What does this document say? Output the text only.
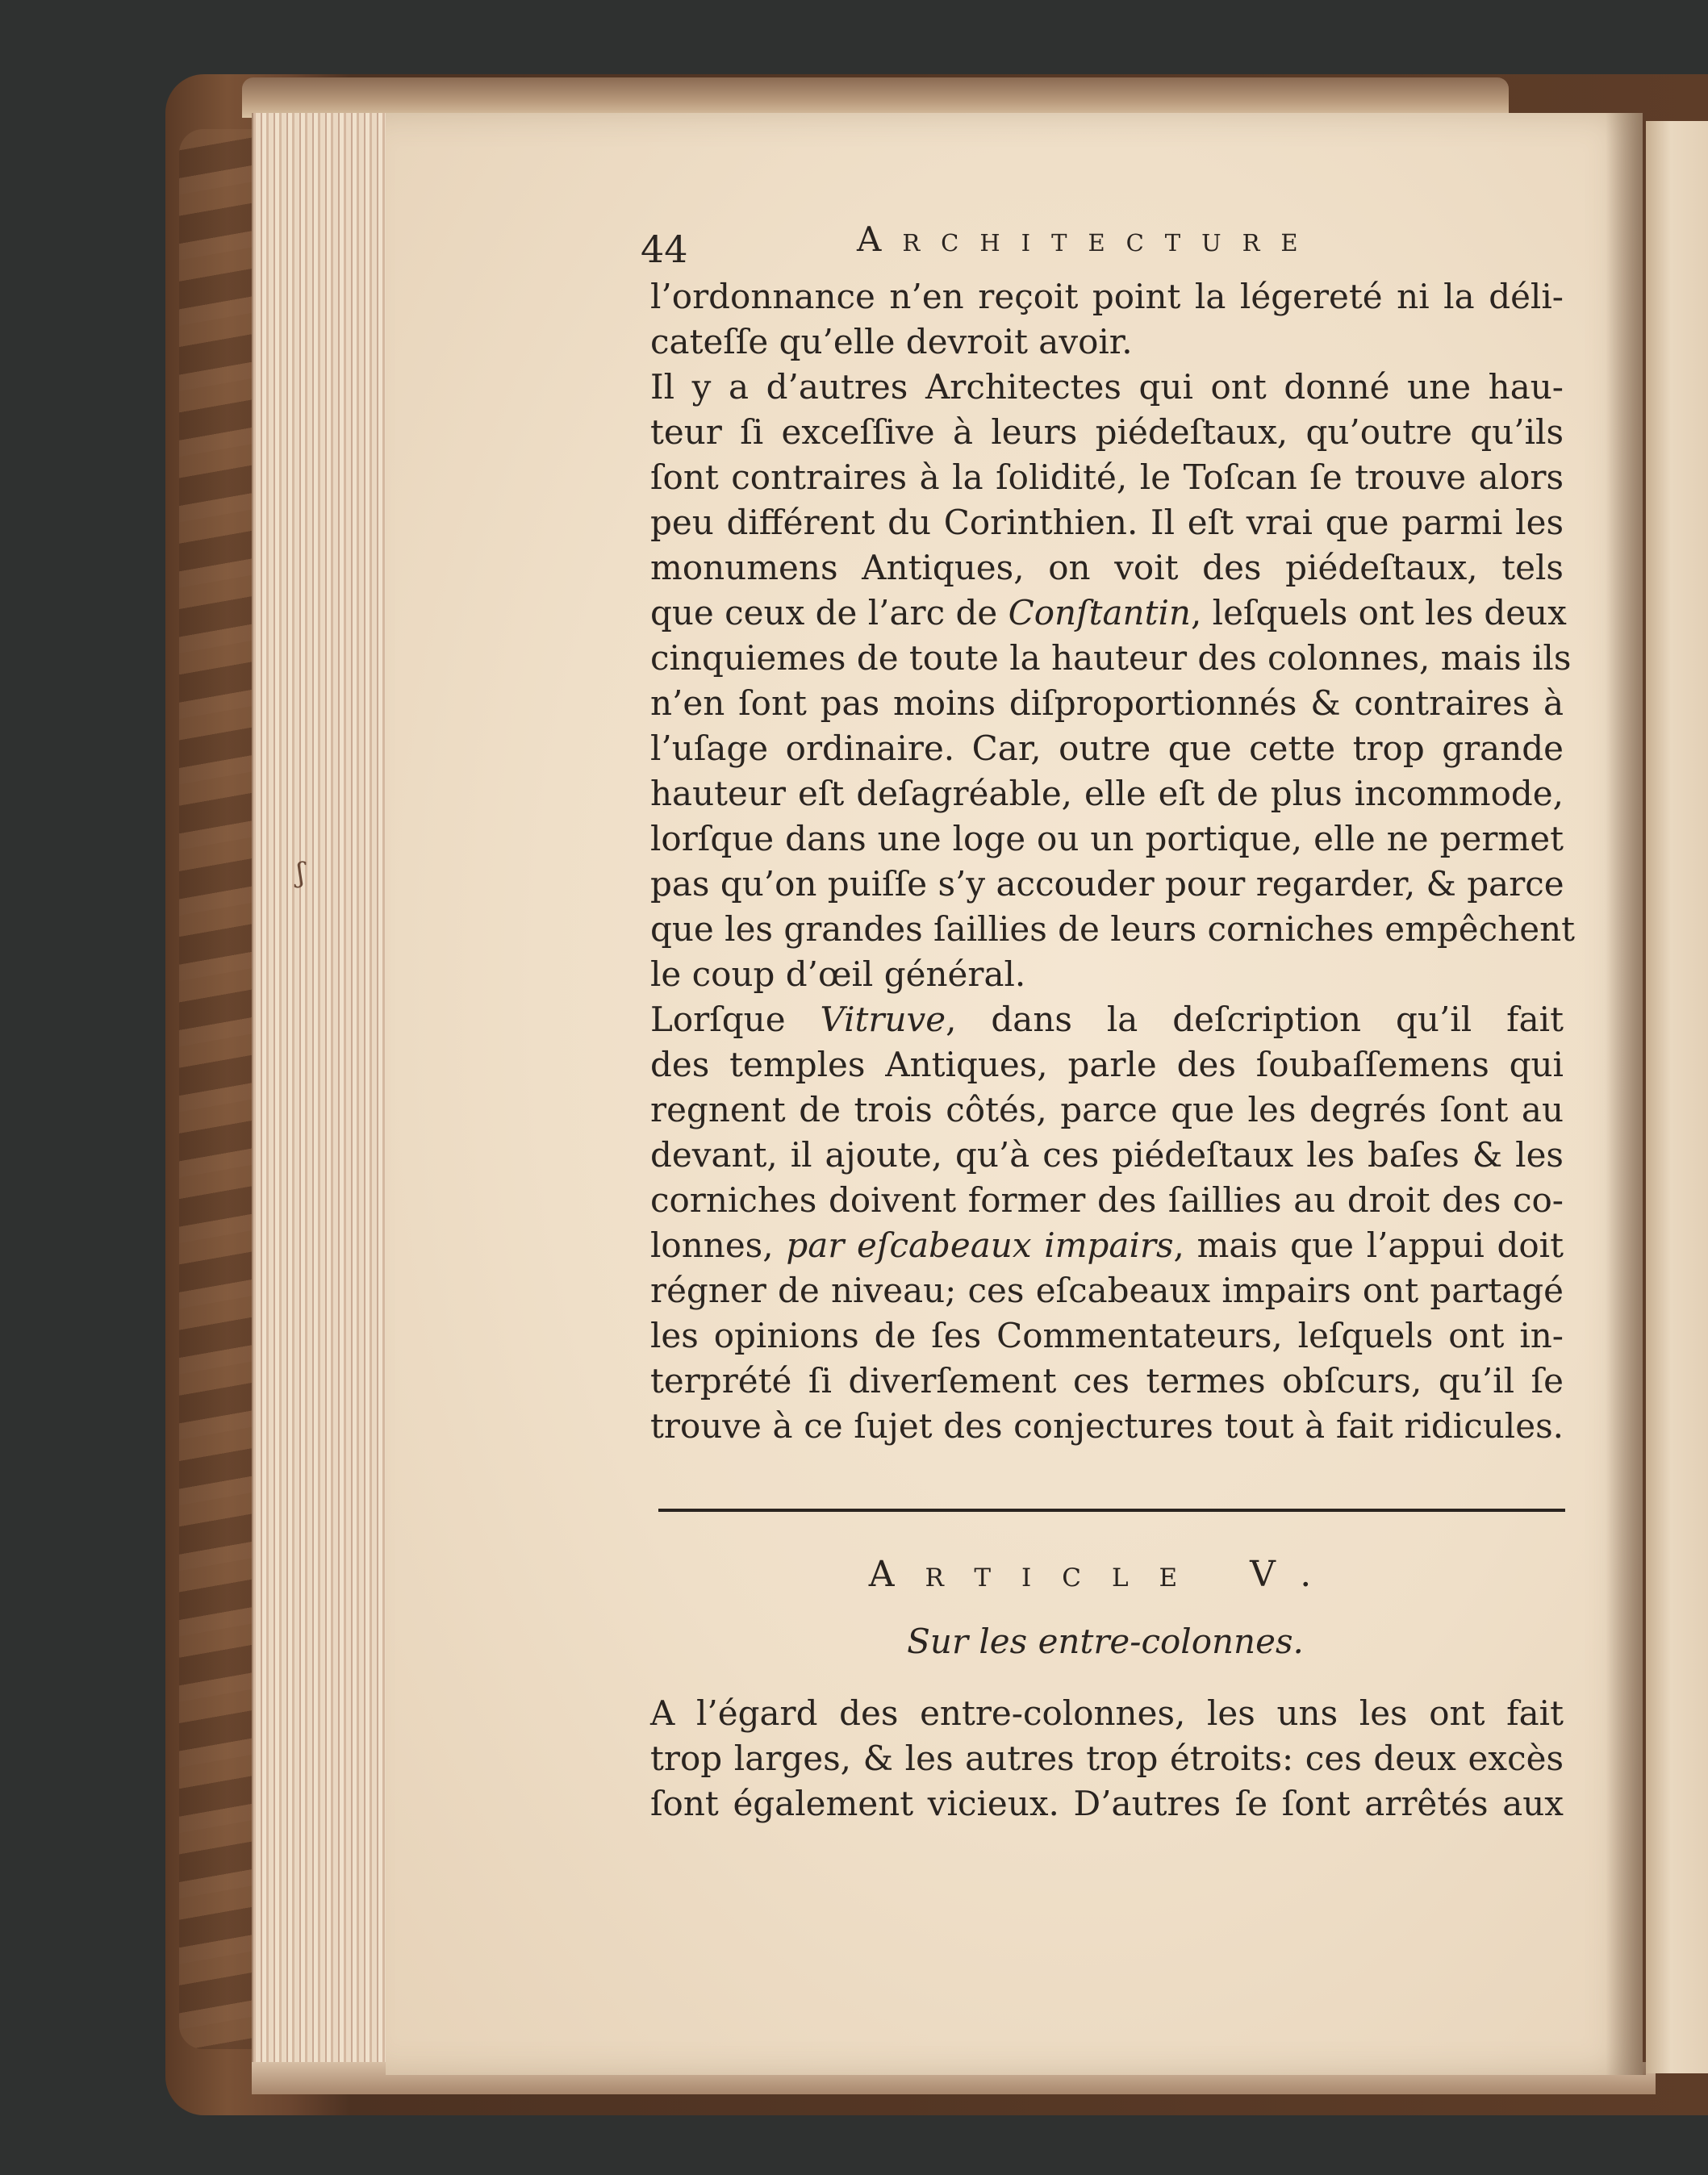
ʃ
44	Architecture
l’ordonnance n’en reçoit point la légereté ni la déli-
cateſſe qu’elle devroit avoir.
Il y a d’autres Architectes qui ont donné une hau-
teur ſi exceſſive à leurs piédeſtaux, qu’outre qu’ils
ſont contraires à la ſolidité, le Toſcan ſe trouve alors
peu différent du Corinthien. Il eſt vrai que parmi les
monumens Antiques, on voit des piédeſtaux, tels
que ceux de l’arc de Conſtantin, leſquels ont les deux
cinquiemes de toute la hauteur des colonnes, mais ils
n’en ſont pas moins diſproportionnés & contraires à
l’uſage ordinaire. Car, outre que cette trop grande
hauteur eſt deſagréable, elle eſt de plus incommode,
lorſque dans une loge ou un portique, elle ne permet
pas qu’on puiſſe s’y accouder pour regarder, & parce
que les grandes ſaillies de leurs corniches empêchent
le coup d’œil général.
Lorſque Vitruve, dans la deſcription qu’il fait
des temples Antiques, parle des ſoubaſſemens qui
regnent de trois côtés, parce que les degrés ſont au
devant, il ajoute, qu’à ces piédeſtaux les baſes & les
corniches doivent former des ſaillies au droit des co-
lonnes, par eſcabeaux impairs, mais que l’appui doit
régner de niveau; ces eſcabeaux impairs ont partagé
les opinions de ſes Commentateurs, leſquels ont in-
terprété ſi diverſement ces termes obſcurs, qu’il ſe
trouve à ce ſujet des conjectures tout à fait ridicules.
Article V.
Sur les entre-colonnes.
A l’égard des entre-colonnes, les uns les ont fait
trop larges, & les autres trop étroits: ces deux excès
ſont également vicieux. D’autres ſe ſont arrêtés aux
